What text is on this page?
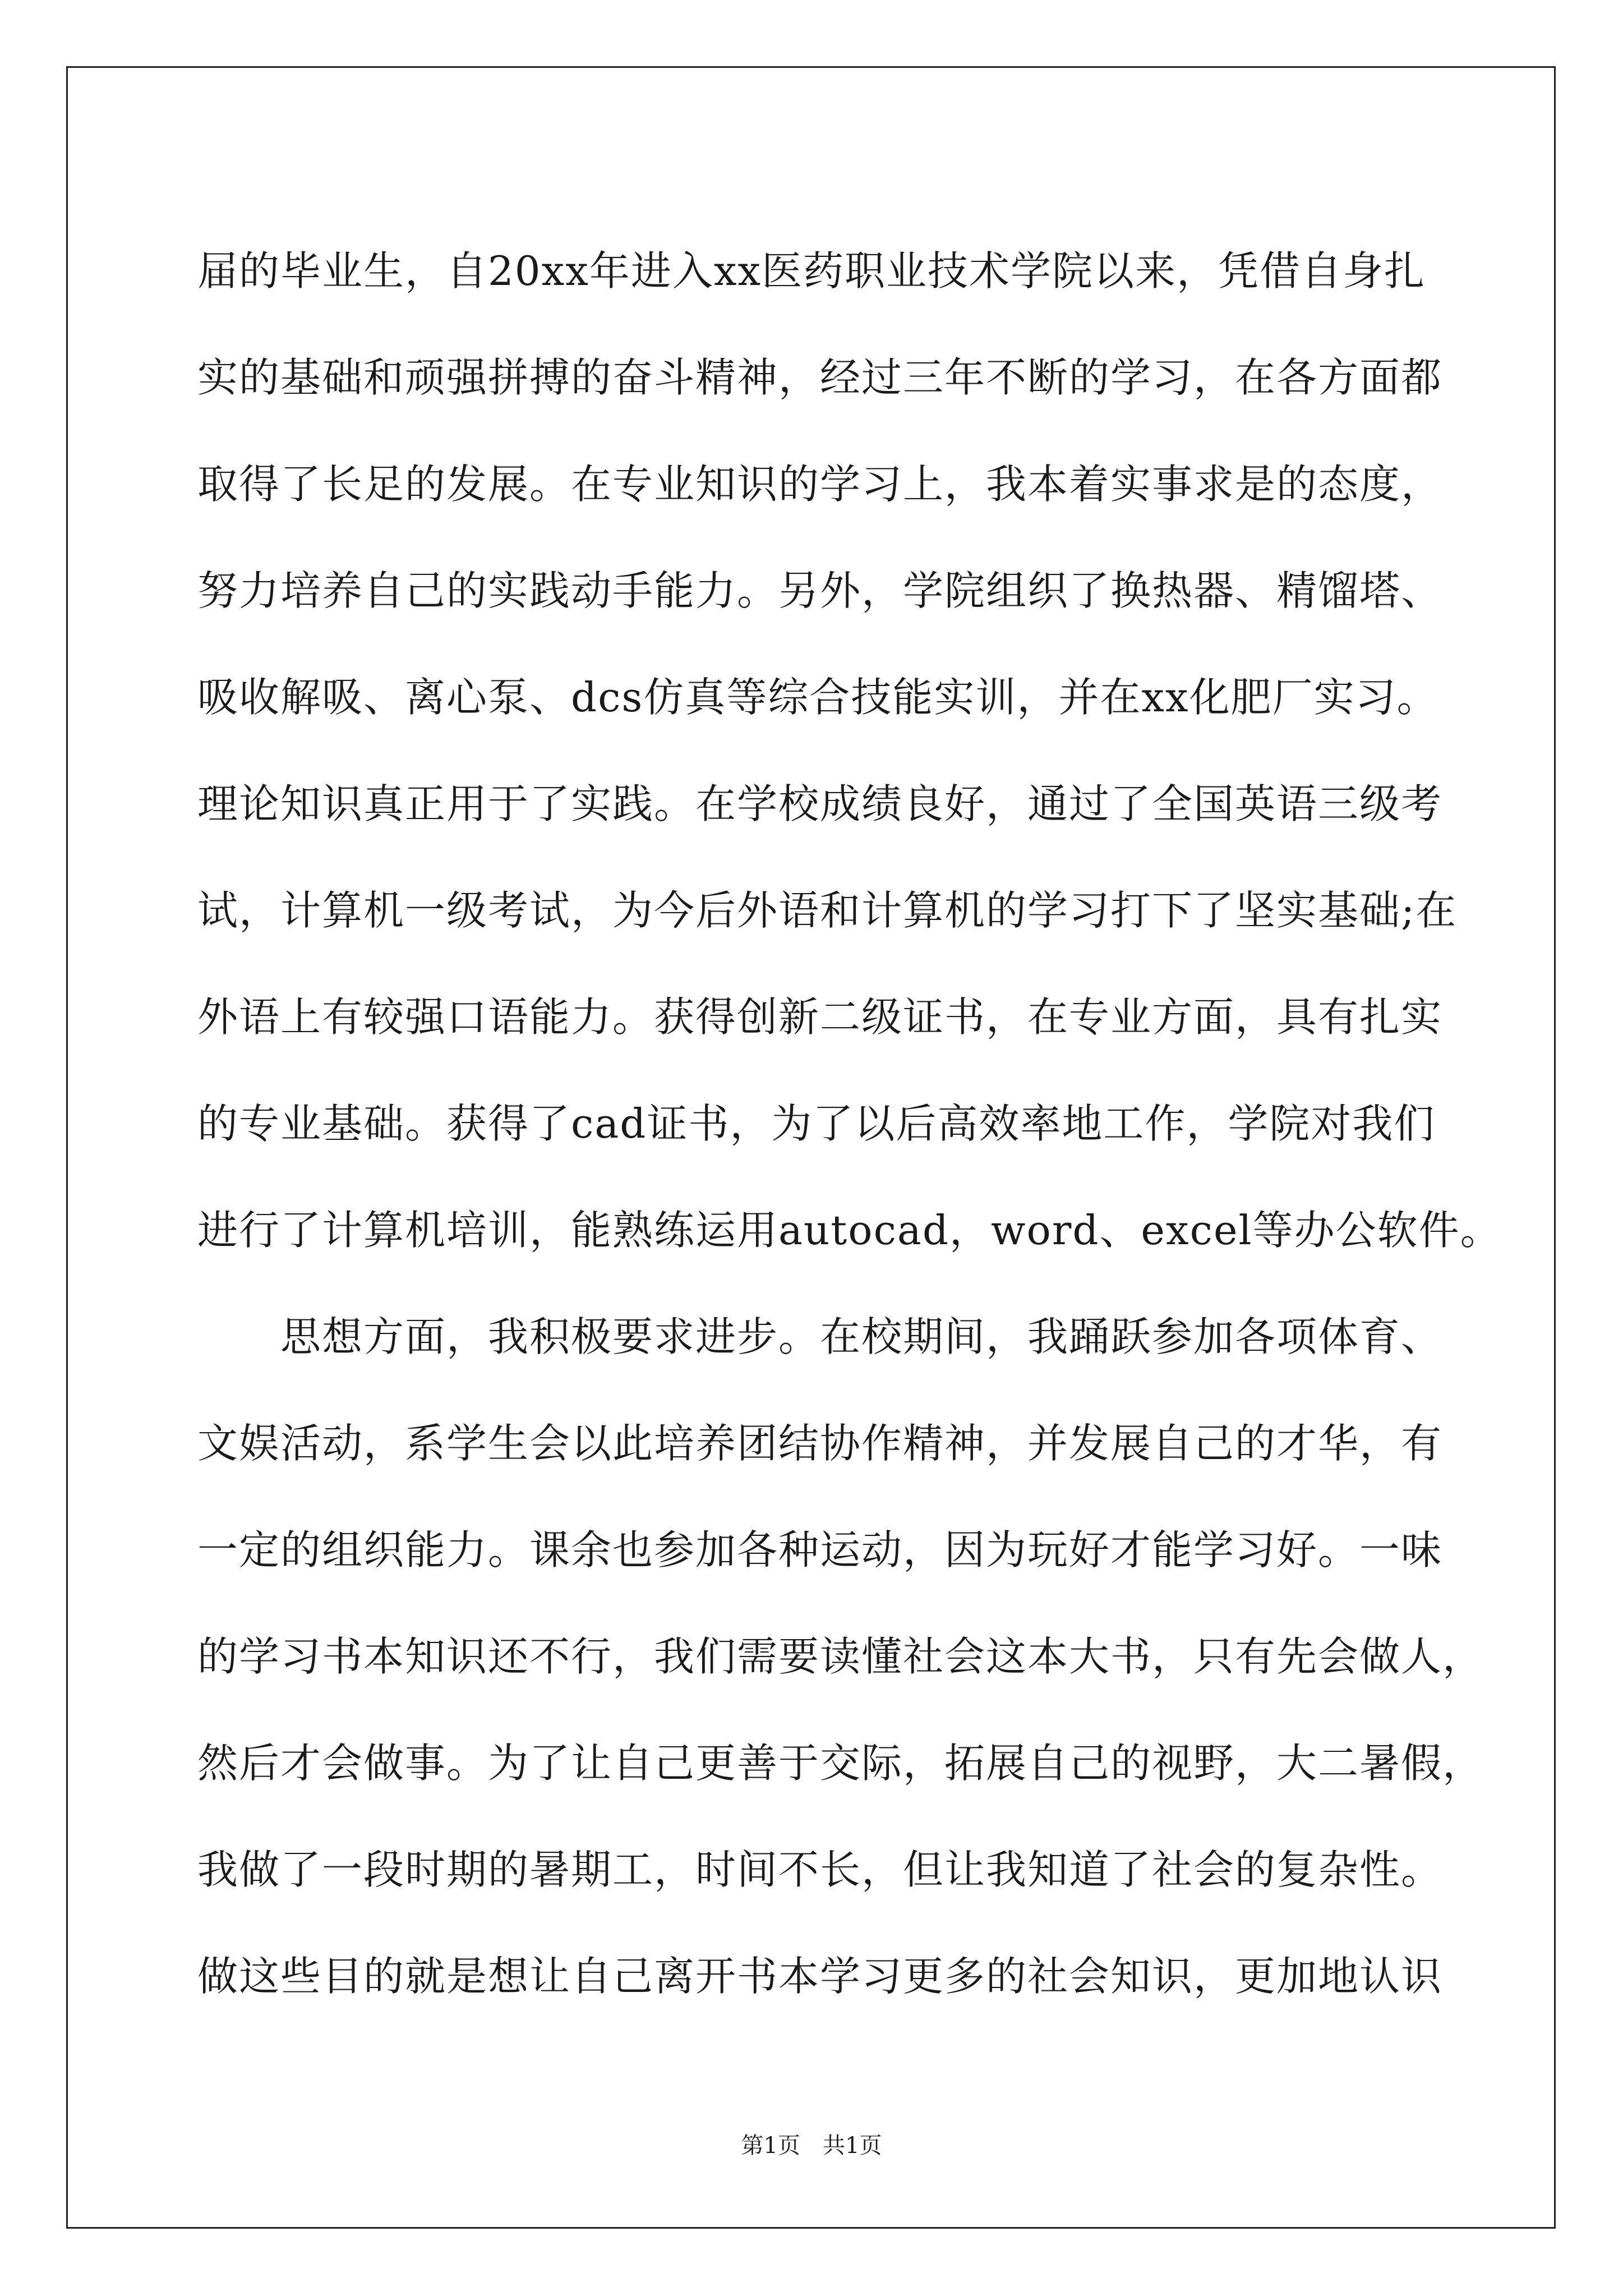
届的毕业生，自20xx年进入xx医药职业技术学院以来，凭借自身扎
实的基础和顽强拼搏的奋斗精神，经过三年不断的学习，在各方面都
取得了长足的发展。在专业知识的学习上，我本着实事求是的态度，
努力培养自己的实践动手能力。另外，学院组织了换热器、精馏塔、
吸收解吸、离心泵、dcs仿真等综合技能实训，并在xx化肥厂实习。
理论知识真正用于了实践。在学校成绩良好，通过了全国英语三级考
试，计算机一级考试，为今后外语和计算机的学习打下了坚实基础;在
外语上有较强口语能力。获得创新二级证书，在专业方面，具有扎实
的专业基础。获得了cad证书，为了以后高效率地工作，学院对我们
进行了计算机培训，能熟练运用autocad，word、excel等办公软件。
　　思想方面，我积极要求进步。在校期间，我踊跃参加各项体育、
文娱活动，系学生会以此培养团结协作精神，并发展自己的才华，有
一定的组织能力。课余也参加各种运动，因为玩好才能学习好。一味
的学习书本知识还不行，我们需要读懂社会这本大书，只有先会做人，
然后才会做事。为了让自己更善于交际，拓展自己的视野，大二暑假，
我做了一段时期的暑期工，时间不长，但让我知道了社会的复杂性。
做这些目的就是想让自己离开书本学习更多的社会知识，更加地认识
第1页　共1页
